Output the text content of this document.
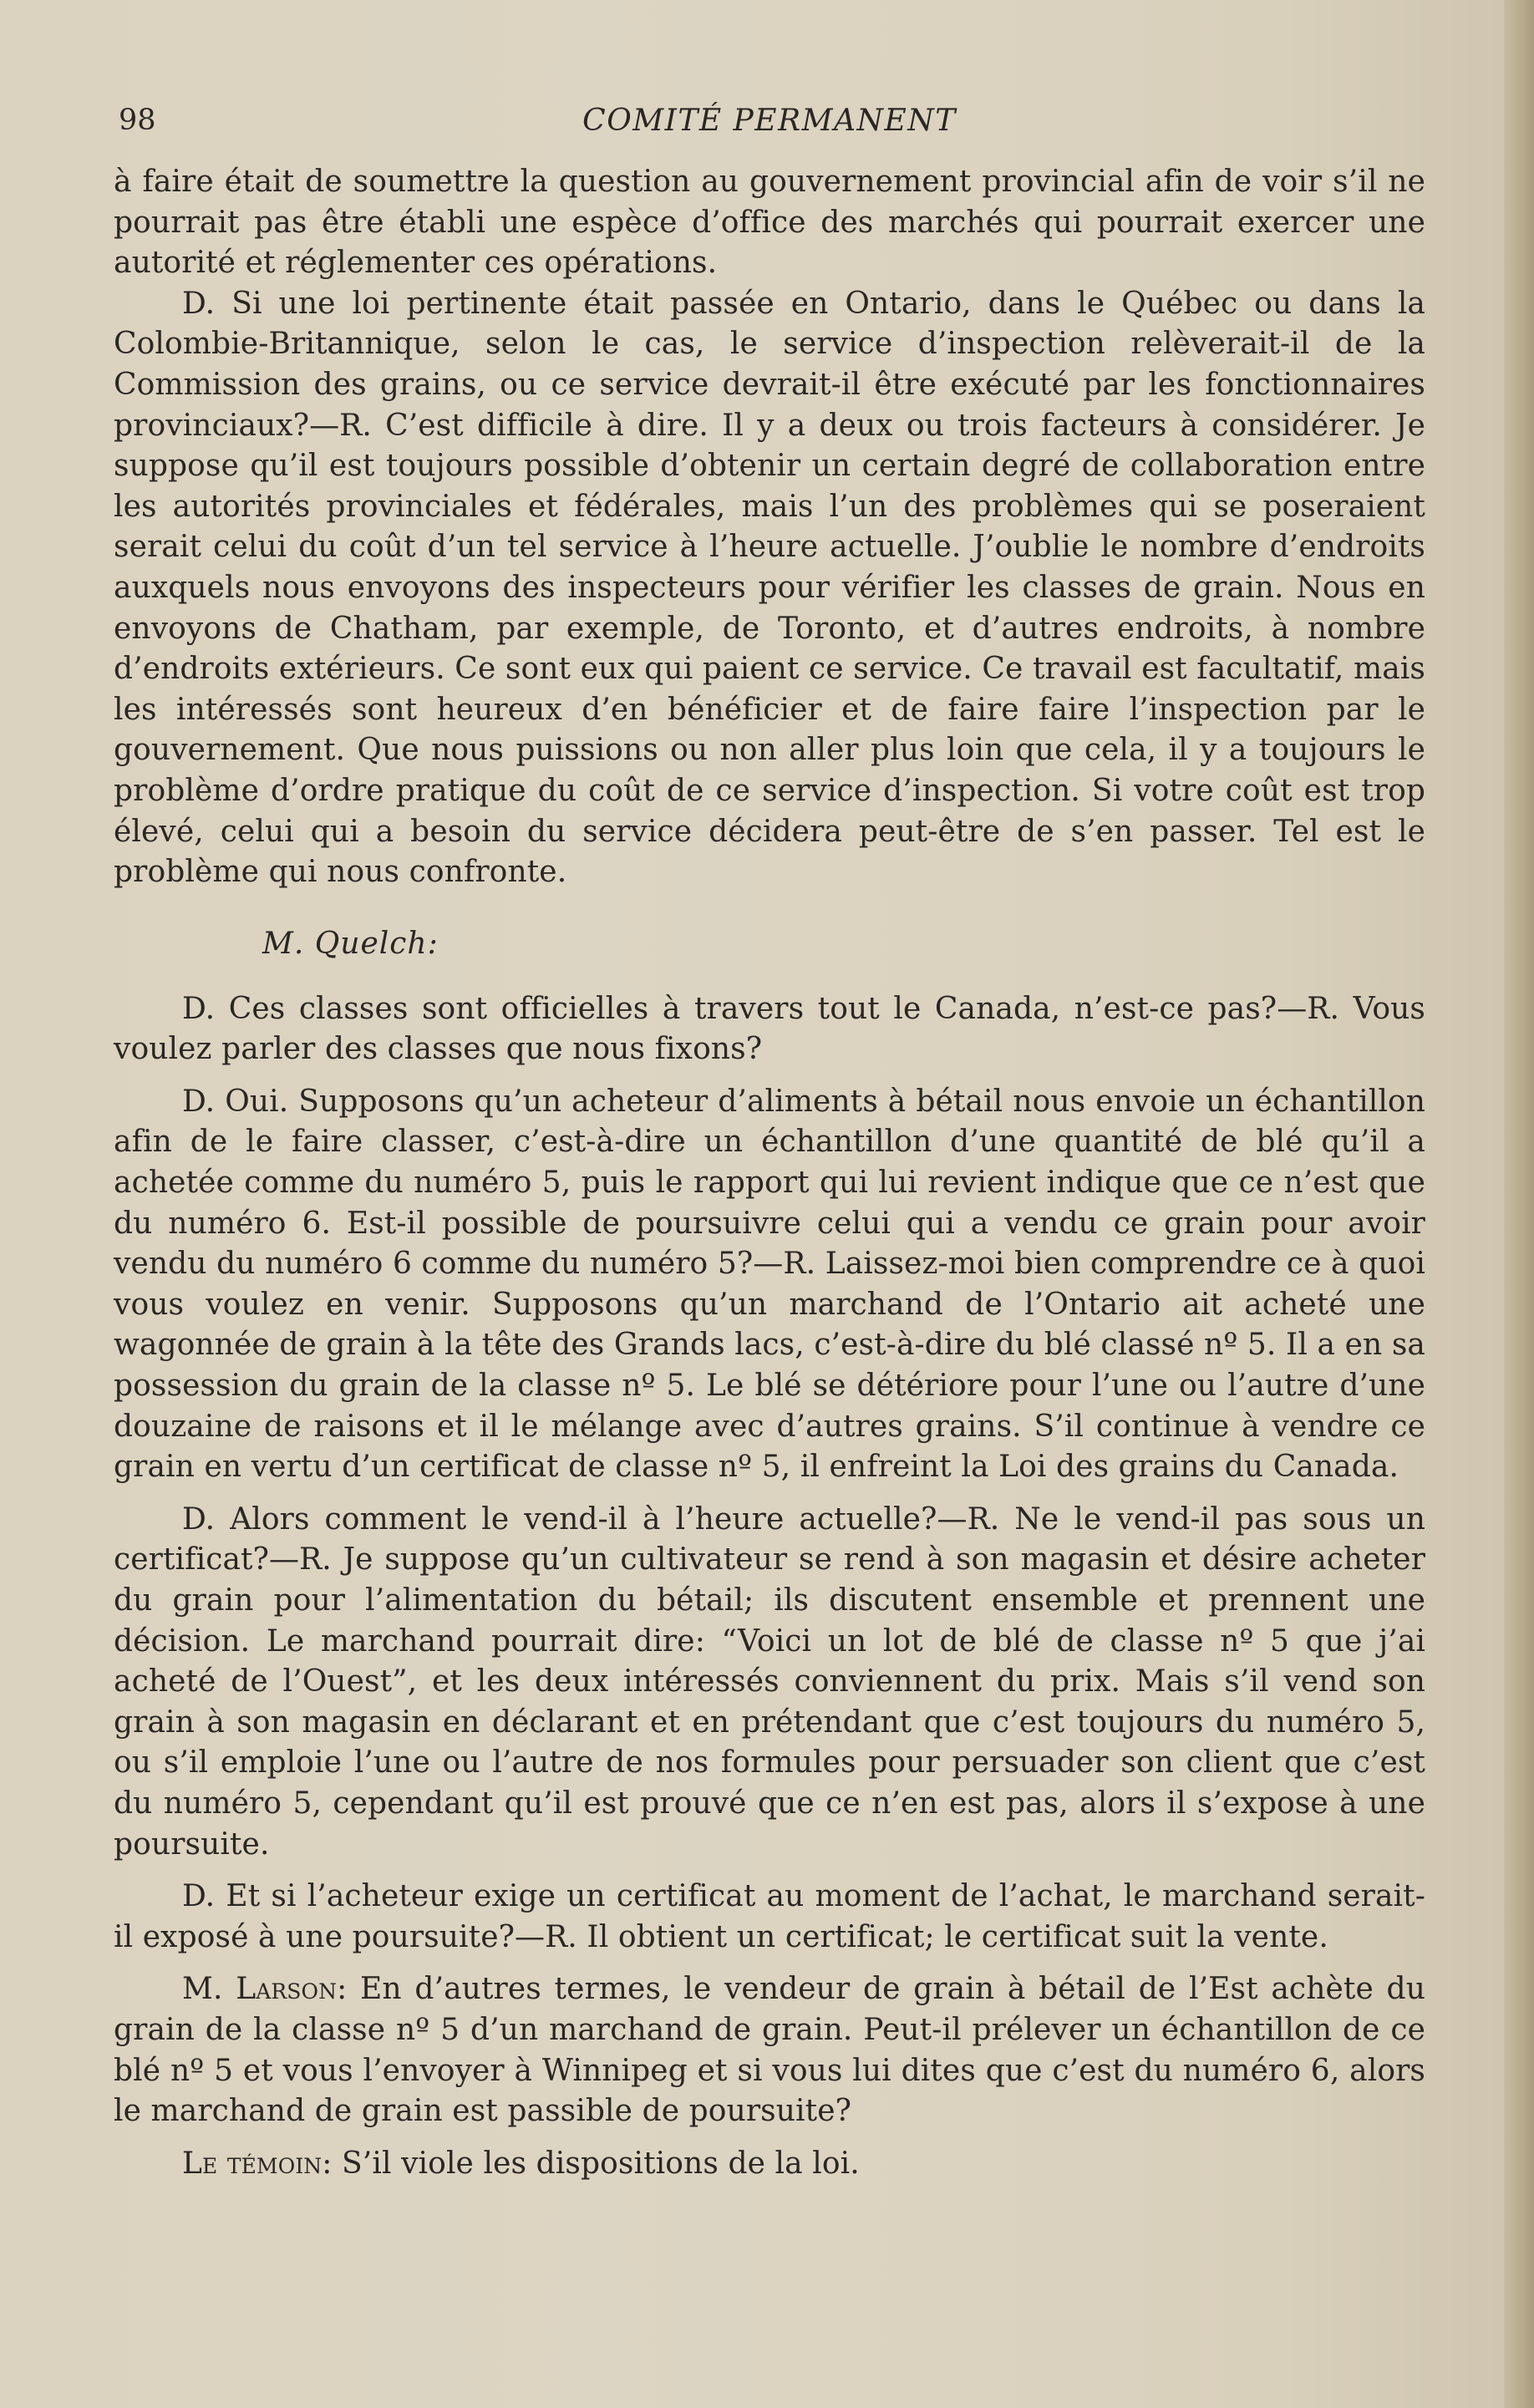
98	COMITÉ PERMANENT

à faire était de soumettre la question au gouvernement provincial afin de voir s’il ne pourrait pas être établi une espèce d’office des marchés qui pourrait exercer une autorité et réglementer ces opérations.

D. Si une loi pertinente était passée en Ontario, dans le Québec ou dans la Colombie-Britannique, selon le cas, le service d’inspection relèverait-il de la Commission des grains, ou ce service devrait-il être exécuté par les fonctionnaires provinciaux?—R. C’est difficile à dire. Il y a deux ou trois facteurs à considérer. Je suppose qu’il est toujours possible d’obtenir un certain degré de collaboration entre les autorités provinciales et fédérales, mais l’un des problèmes qui se poseraient serait celui du coût d’un tel service à l’heure actuelle. J’oublie le nombre d’endroits auxquels nous envoyons des inspecteurs pour vérifier les classes de grain. Nous en envoyons de Chatham, par exemple, de Toronto, et d’autres endroits, à nombre d’endroits extérieurs. Ce sont eux qui paient ce service. Ce travail est facultatif, mais les intéressés sont heureux d’en bénéficier et de faire faire l’inspection par le gouvernement. Que nous puissions ou non aller plus loin que cela, il y a toujours le problème d’ordre pratique du coût de ce service d’inspection. Si votre coût est trop élevé, celui qui a besoin du service décidera peut-être de s’en passer. Tel est le problème qui nous confronte.

M. Quelch:

D. Ces classes sont officielles à travers tout le Canada, n’est-ce pas?—R. Vous voulez parler des classes que nous fixons?

D. Oui. Supposons qu’un acheteur d’aliments à bétail nous envoie un échantillon afin de le faire classer, c’est-à-dire un échantillon d’une quantité de blé qu’il a achetée comme du numéro 5, puis le rapport qui lui revient indique que ce n’est que du numéro 6. Est-il possible de poursuivre celui qui a vendu ce grain pour avoir vendu du numéro 6 comme du numéro 5?—R. Laissez-moi bien comprendre ce à quoi vous voulez en venir. Supposons qu’un marchand de l’Ontario ait acheté une wagonnée de grain à la tête des Grands lacs, c’est-à-dire du blé classé nº 5. Il a en sa possession du grain de la classe nº 5. Le blé se détériore pour l’une ou l’autre d’une douzaine de raisons et il le mélange avec d’autres grains. S’il continue à vendre ce grain en vertu d’un certificat de classe nº 5, il enfreint la Loi des grains du Canada.

D. Alors comment le vend-il à l’heure actuelle?—R. Ne le vend-il pas sous un certificat?—R. Je suppose qu’un cultivateur se rend à son magasin et désire acheter du grain pour l’alimentation du bétail; ils discutent ensemble et prennent une décision. Le marchand pourrait dire: “Voici un lot de blé de classe nº 5 que j’ai acheté de l’Ouest”, et les deux intéressés conviennent du prix. Mais s’il vend son grain à son magasin en déclarant et en prétendant que c’est toujours du numéro 5, ou s’il emploie l’une ou l’autre de nos formules pour persuader son client que c’est du numéro 5, cependant qu’il est prouvé que ce n’en est pas, alors il s’expose à une poursuite.

D. Et si l’acheteur exige un certificat au moment de l’achat, le marchand serait-il exposé à une poursuite?—R. Il obtient un certificat; le certificat suit la vente.

M. Larson: En d’autres termes, le vendeur de grain à bétail de l’Est achète du grain de la classe nº 5 d’un marchand de grain. Peut-il prélever un échantillon de ce blé nº 5 et vous l’envoyer à Winnipeg et si vous lui dites que c’est du numéro 6, alors le marchand de grain est passible de poursuite?

Le témoin: S’il viole les dispositions de la loi.
